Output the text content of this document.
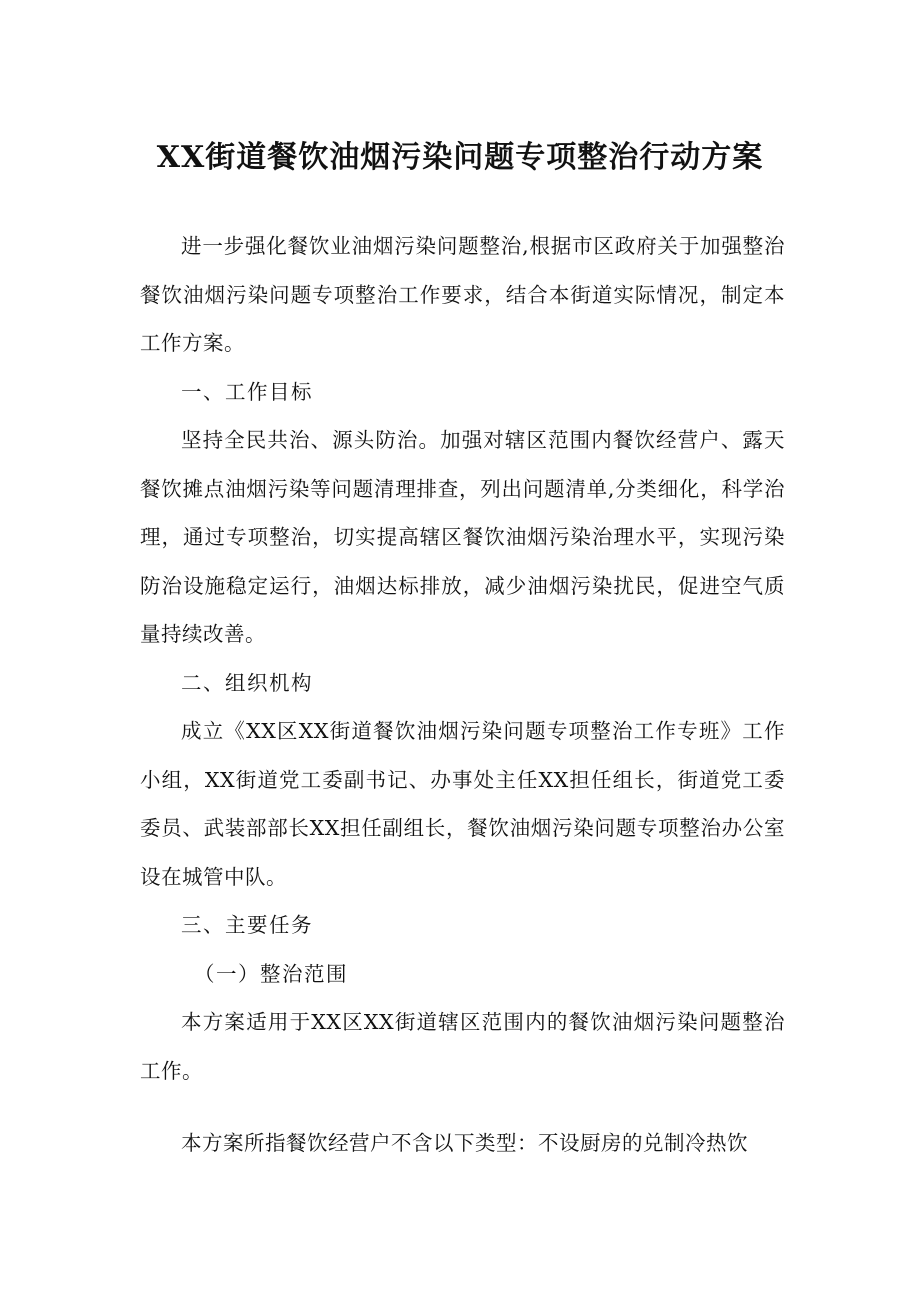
XX街道餐饮油烟污染问题专项整治行动方案

进一步强化餐饮业油烟污染问题整治,根据市区政府关于加强整治餐饮油烟污染问题专项整治工作要求，结合本街道实际情况，制定本工作方案。

一、工作目标

坚持全民共治、源头防治。加强对辖区范围内餐饮经营户、露天餐饮摊点油烟污染等问题清理排查，列出问题清单,分类细化，科学治理，通过专项整治，切实提高辖区餐饮油烟污染治理水平，实现污染防治设施稳定运行，油烟达标排放，减少油烟污染扰民，促进空气质量持续改善。

二、组织机构

成立《XX区XX街道餐饮油烟污染问题专项整治工作专班》工作小组，XX街道党工委副书记、办事处主任XX担任组长，街道党工委委员、武装部部长XX担任副组长，餐饮油烟污染问题专项整治办公室设在城管中队。

三、主要任务

（一）整治范围

本方案适用于XX区XX街道辖区范围内的餐饮油烟污染问题整治工作。

本方案所指餐饮经营户不含以下类型：不设厨房的兑制冷热饮
